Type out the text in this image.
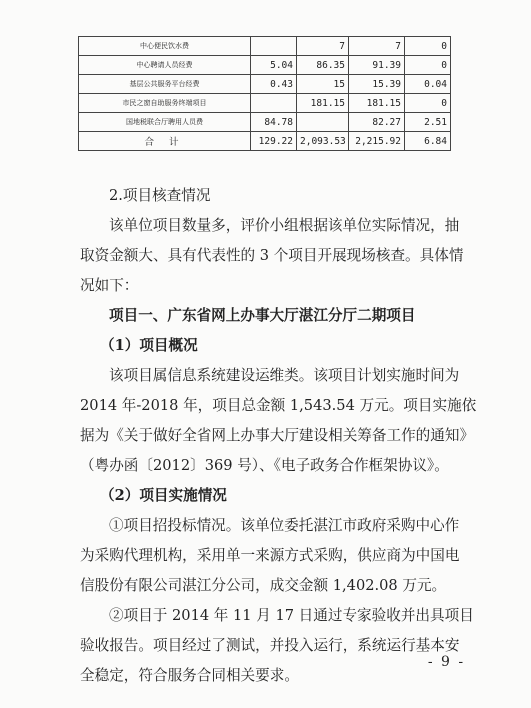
中心便民饮水费		7	7	0
中心聘请人员经费	5.04	86.35	91.39	0
基层公共服务平台经费	0.43	15	15.39	0.04
市民之窗自助服务终端项目		181.15	181.15	0
国地税联合厅聘用人员费	84.78		82.27	2.51
合 计	129.22	2,093.53	2,215.92	6.84
2.项目核查情况
该单位项目数量多，评价小组根据该单位实际情况，抽
取资金额大、具有代表性的 3 个项目开展现场核查。具体情
况如下：
项目一、广东省网上办事大厅湛江分厅二期项目
（1）项目概况
该项目属信息系统建设运维类。该项目计划实施时间为
2014 年-2018 年，项目总金额 1,543.54 万元。项目实施依
据为《关于做好全省网上办事大厅建设相关筹备工作的通知》
（粤办函〔2012〕369 号）、《电子政务合作框架协议》。
（2）项目实施情况
①项目招投标情况。该单位委托湛江市政府采购中心作
为采购代理机构，采用单一来源方式采购，供应商为中国电
信股份有限公司湛江分公司，成交金额 1,402.08 万元。
②项目于 2014 年 11 月 17 日通过专家验收并出具项目
验收报告。项目经过了测试，并投入运行，系统运行基本安
全稳定，符合服务合同相关要求。
- 9 -
